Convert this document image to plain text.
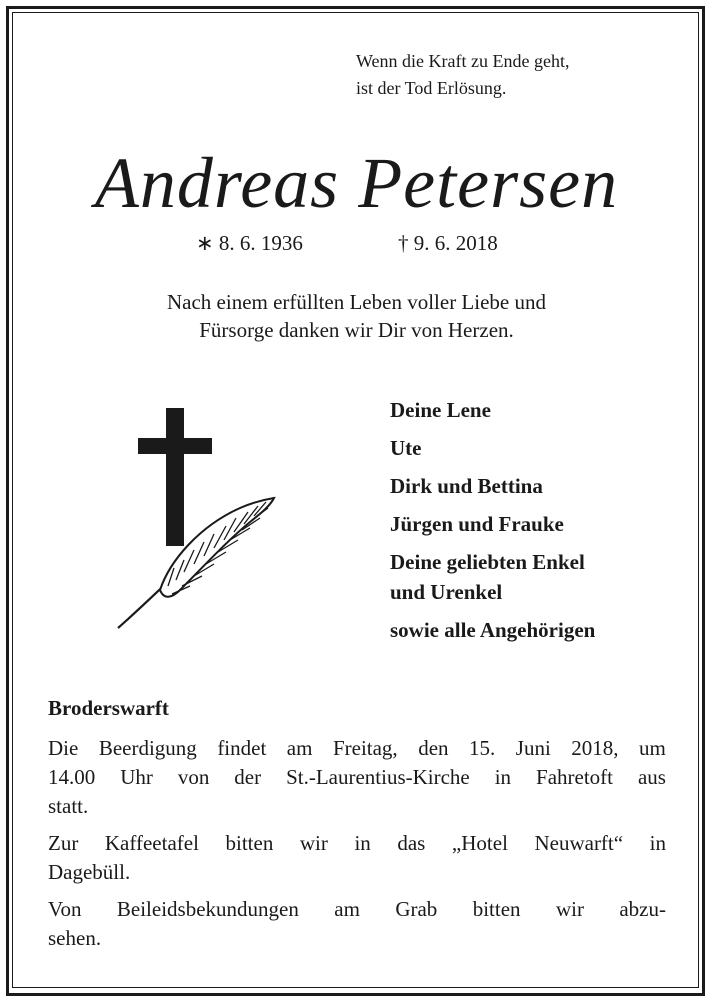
Wenn die Kraft zu Ende geht,
ist der Tod Erlösung.
Andreas Petersen
∗ 8. 6. 1936	† 9. 6. 2018
Nach einem erfüllten Leben voller Liebe und
Fürsorge danken wir Dir von Herzen.
Deine Lene
Ute
Dirk und Bettina
Jürgen und Frauke
Deine geliebten Enkel
und Urenkel
sowie alle Angehörigen
Broderswarft

Die Beerdigung findet am Freitag, den 15. Juni 2018, um
14.00 Uhr von der St.-Laurentius-Kirche in Fahretoft aus
statt.

Zur Kaffeetafel bitten wir in das „Hotel Neuwarft“ in
Dagebüll.

Von Beileidsbekundungen am Grab bitten wir abzu-
sehen.
